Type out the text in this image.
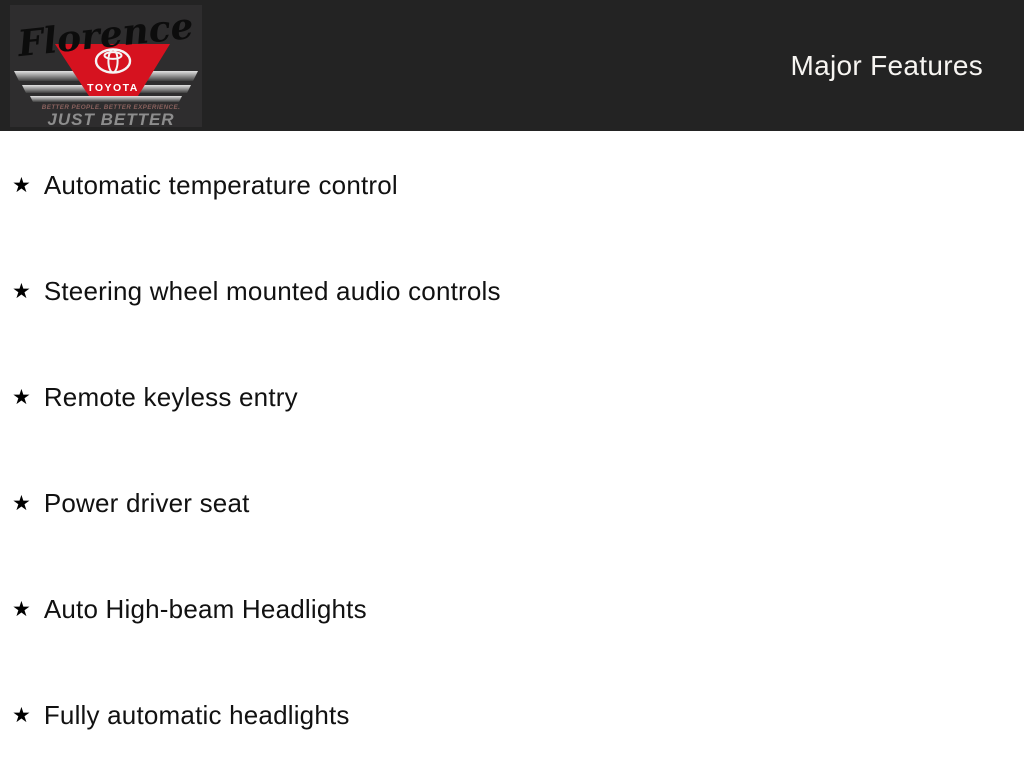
TOYOTA
Florence
BETTER PEOPLE. BETTER EXPERIENCE.
JUST BETTER
Major Features
★ Automatic temperature control
★ Steering wheel mounted audio controls
★ Remote keyless entry
★ Power driver seat
★ Auto High-beam Headlights
★ Fully automatic headlights
